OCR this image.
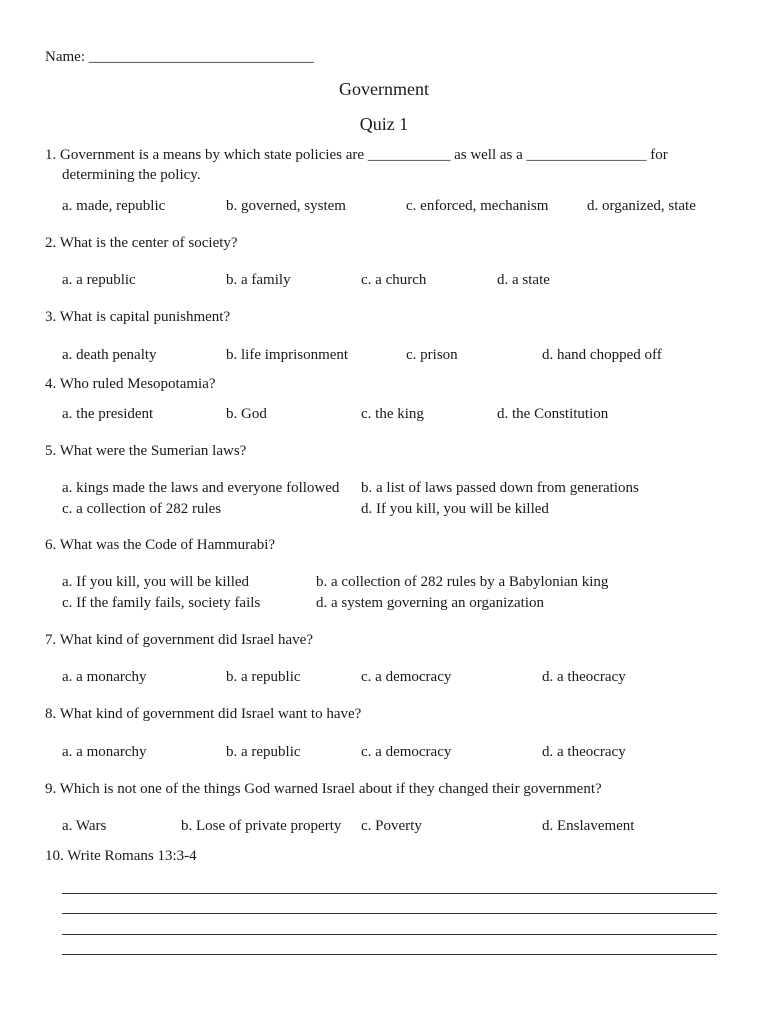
Name: ______________________________
Government
Quiz 1
1. Government is a means by which state policies are ___________ as well as a ________________ for
determining the policy.
a. made, republic	b. governed, system	c. enforced, mechanism	d. organized, state
2. What is the center of society?
a. a republic	b. a family	c. a church	d. a state
3. What is capital punishment?
a. death penalty	b. life imprisonment	c. prison	d. hand chopped off
4. Who ruled Mesopotamia?
a. the president	b. God	c. the king	d. the Constitution
5. What were the Sumerian laws?
a. kings made the laws and everyone followed b. a list of laws passed down from generations
c. a collection of 282 rules	d. If you kill, you will be killed
6. What was the Code of Hammurabi?
a. If you kill, you will be killed	b. a collection of 282 rules by a Babylonian king
c. If the family fails, society fails	d. a system governing an organization
7. What kind of government did Israel have?
a. a monarchy	b. a republic	c. a democracy	d. a theocracy
8. What kind of government did Israel want to have?
a. a monarchy	b. a republic	c. a democracy	d. a theocracy
9. Which is not one of the things God warned Israel about if they changed their government?
a. Wars	b. Lose of private property c. Poverty	d. Enslavement
10. Write Romans 13:3-4
